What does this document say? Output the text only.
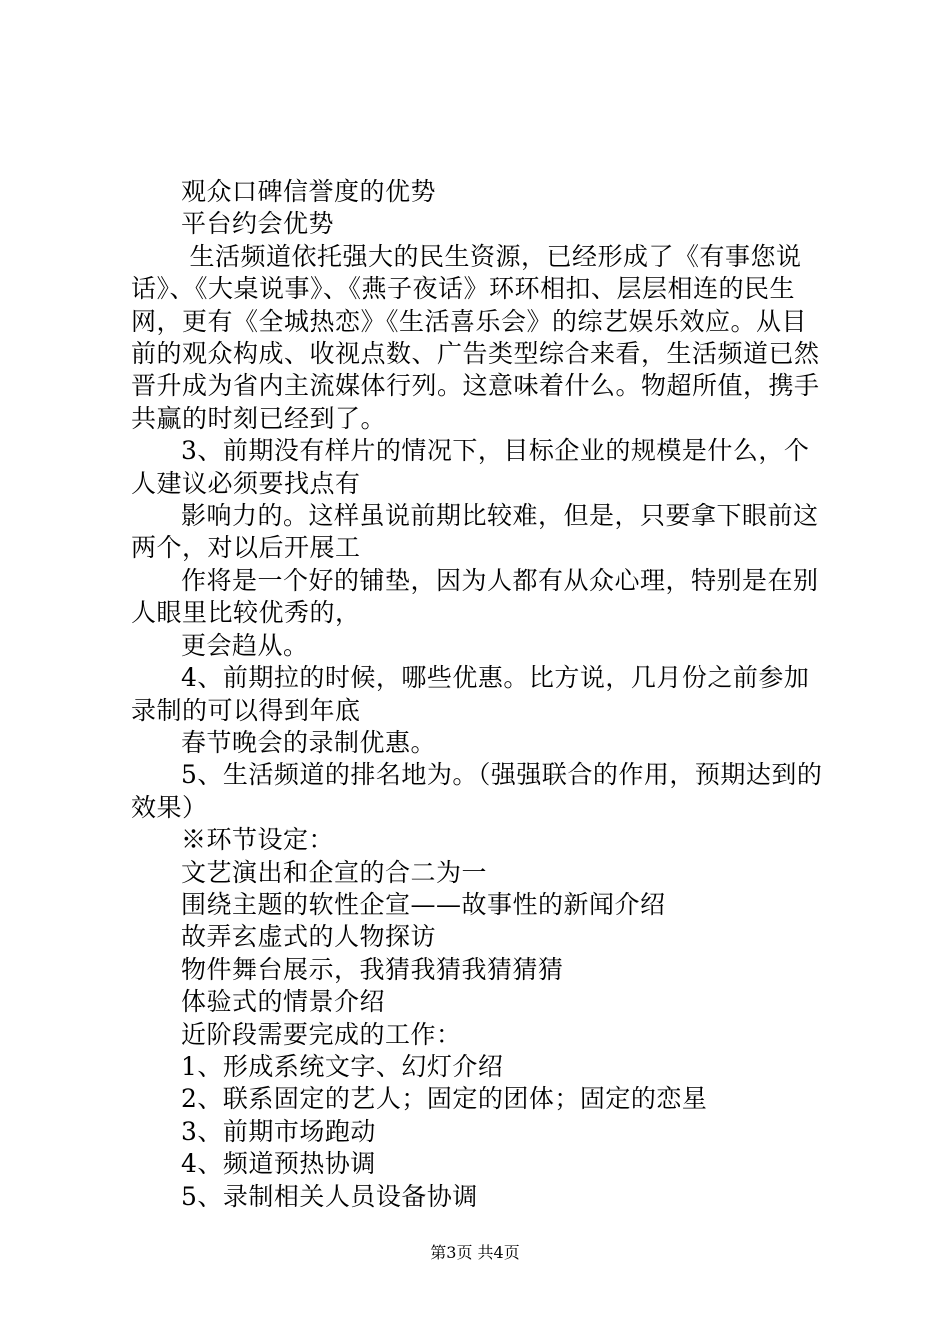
观众口碑信誉度的优势

平台约会优势

生活频道依托强大的民生资源，已经形成了《有事您说话》、《大桌说事》、《燕子夜话》环环相扣、层层相连的民生网，更有《全城热恋》《生活喜乐会》的综艺娱乐效应。从目前的观众构成、收视点数、广告类型综合来看，生活频道已然晋升成为省内主流媒体行列。这意味着什么。物超所值，携手共赢的时刻已经到了。

3、前期没有样片的情况下，目标企业的规模是什么，个人建议必须要找点有

影响力的。这样虽说前期比较难，但是，只要拿下眼前这两个，对以后开展工

作将是一个好的铺垫，因为人都有从众心理，特别是在别人眼里比较优秀的，

更会趋从。

4、前期拉的时候，哪些优惠。比方说，几月份之前参加录制的可以得到年底

春节晚会的录制优惠。

5、生活频道的排名地为。（强强联合的作用，预期达到的效果）

※环节设定：

文艺演出和企宣的合二为一

围绕主题的软性企宣——故事性的新闻介绍

故弄玄虚式的人物探访

物件舞台展示，我猜我猜我猜猜猜

体验式的情景介绍

近阶段需要完成的工作：

1、形成系统文字、幻灯介绍

2、联系固定的艺人；固定的团体；固定的恋星

3、前期市场跑动

4、频道预热协调

5、录制相关人员设备协调

第3页 共4页
